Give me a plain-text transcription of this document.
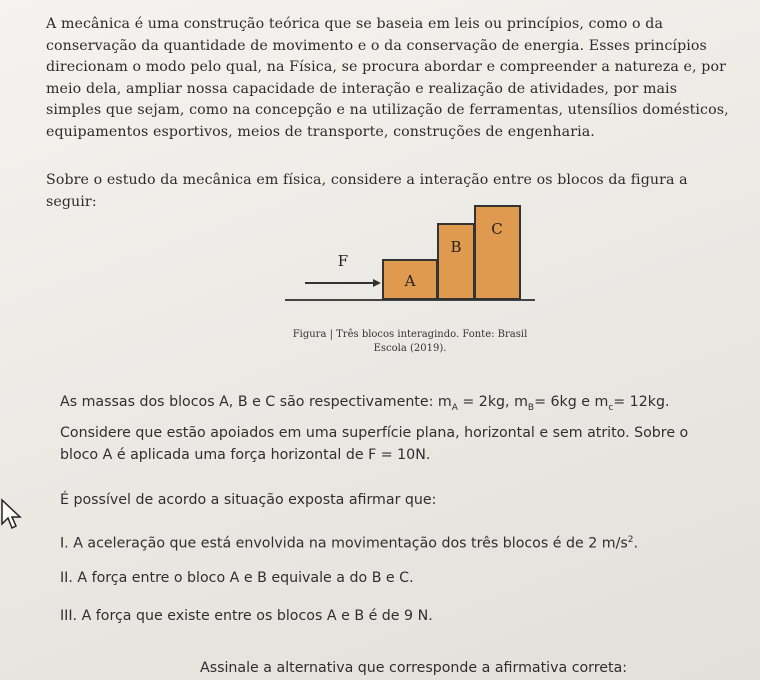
A mecânica é uma construção teórica que se baseia em leis ou princípios, como o da conservação da quantidade de movimento e o da conservação de energia. Esses princípios direcionam o modo pelo qual, na Física, se procura abordar e compreender a natureza e, por meio dela, ampliar nossa capacidade de interação e realização de atividades, por mais simples que sejam, como na concepção e na utilização de ferramentas, utensílios domésticos, equipamentos esportivos, meios de transporte, construções de engenharia.

Sobre o estudo da mecânica em física, considere a interação entre os blocos da figura a seguir:

F
A
B
C
Figura | Três blocos interagindo. Fonte: Brasil
Escola (2019).

As massas dos blocos A, B e C são respectivamente: $m_A = 2kg$, $m_B= 6kg$ e $m_c= 12kg$.

Considere que estão apoiados em uma superfície plana, horizontal e sem atrito. Sobre o bloco A é aplicada uma força horizontal de F = 10N.

É possível de acordo a situação exposta afirmar que:

I. A aceleração que está envolvida na movimentação dos três blocos é de 2 $m/s^2$.

II. A força entre o bloco A e B equivale a do B e C.

III. A força que existe entre os blocos A e B é de 9 N.

Assinale a alternativa que corresponde a afirmativa correta:
